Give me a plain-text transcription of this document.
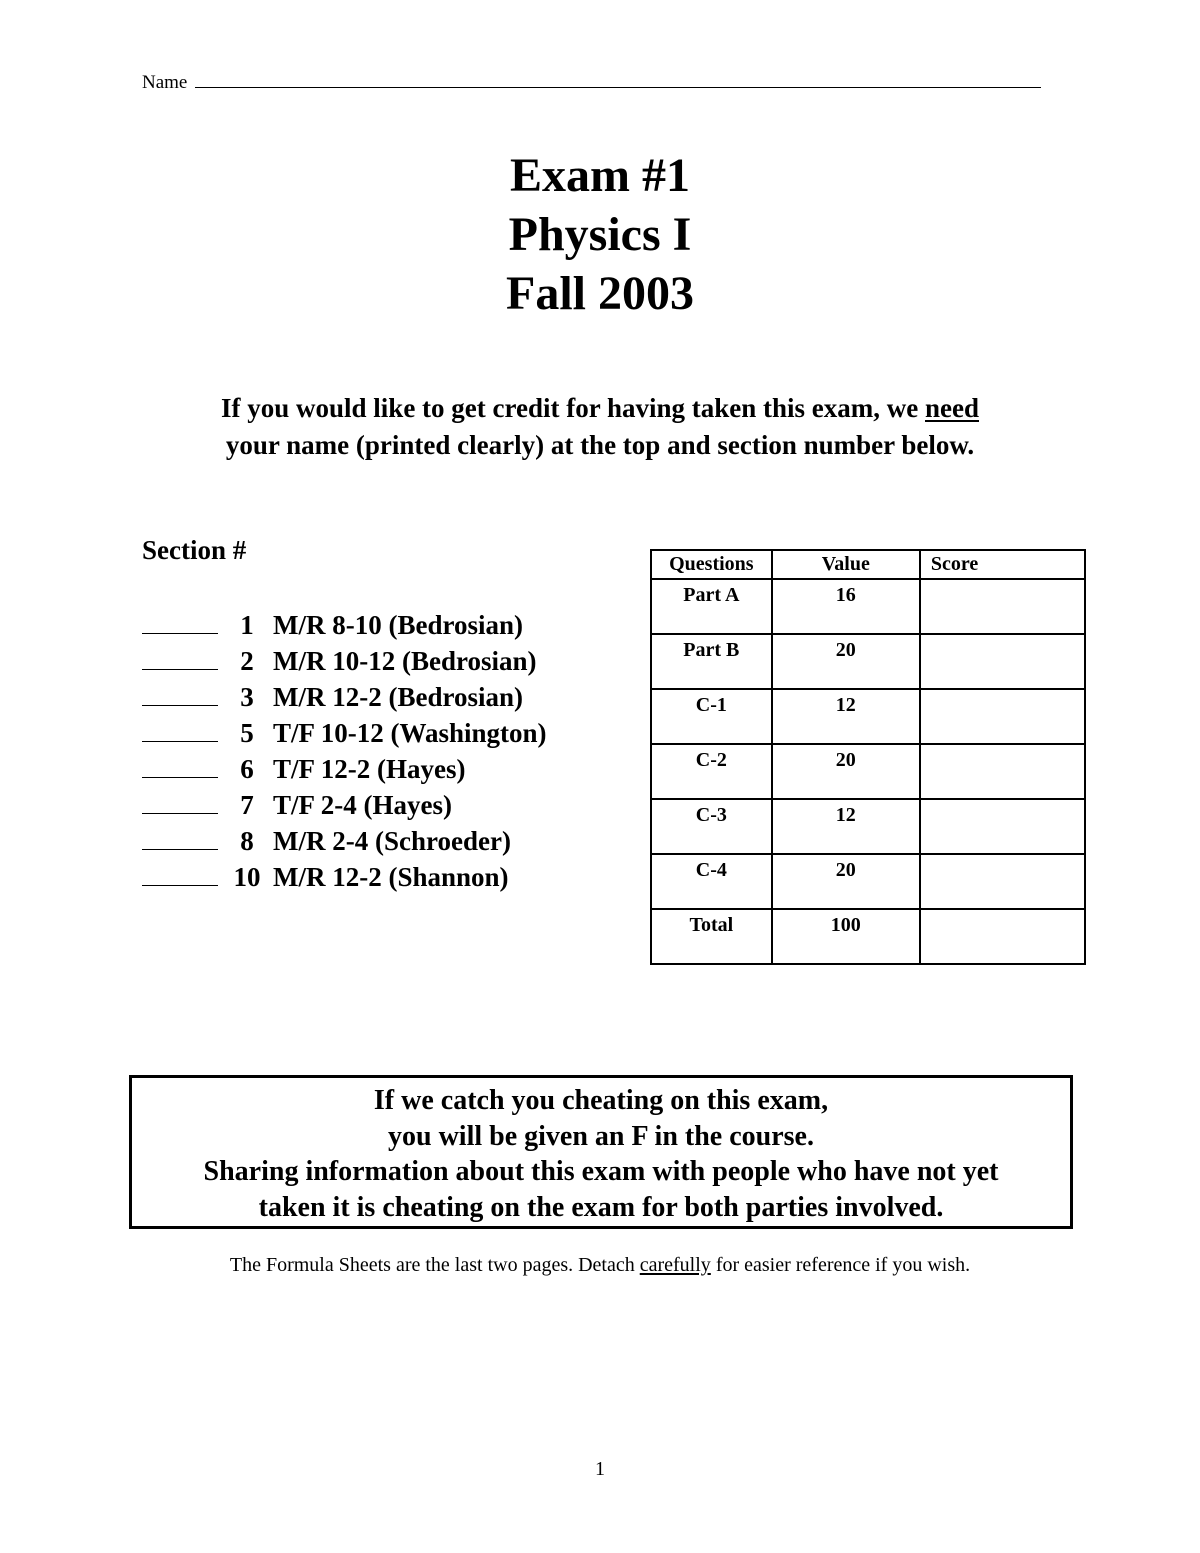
Name
Exam #1
Physics I
Fall 2003
If you would like to get credit for having taken this exam, we need
your name (printed clearly) at the top and section number below.
Section #
1 M/R 8-10 (Bedrosian)
2 M/R 10-12 (Bedrosian)
3 M/R 12-2 (Bedrosian)
5 T/F 10-12 (Washington)
6 T/F 12-2 (Hayes)
7 T/F 2-4 (Hayes)
8 M/R 2-4 (Schroeder)
10 M/R 12-2 (Shannon)
Questions	Value	Score
Part A	16	
Part B	20	
C-1	12	
C-2	20	
C-3	12	
C-4	20	
Total	100	
If we catch you cheating on this exam,
you will be given an F in the course.
Sharing information about this exam with people who have not yet
taken it is cheating on the exam for both parties involved.
The Formula Sheets are the last two pages. Detach carefully for easier reference if you wish.
1
